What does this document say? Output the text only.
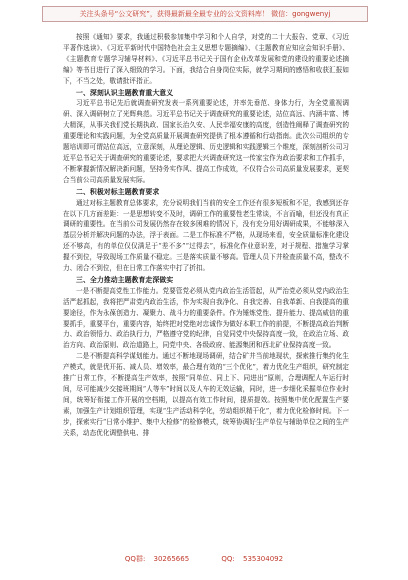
关注头条号“公文研究”，获得最新最全最专业的公文资料库！ 微信：gongwenyj

按照《通知》要求，我通过积极参加集中学习和个人自学，对党的二十大报告、党章、《习近平著作选读》、《习近平新时代中国特色社会主义思想专题摘编》、《主题教育应知应会知识手册》、《主题教育专题学习辅导材料》、《习近平总书记关于国有企业改革发展和党的建设的重要论述摘编》等书目进行了深入细致的学习。下面，我结合自身岗位实际，就学习期间的感悟和收获汇报如下，不当之处，敬请批评指正。

一、深刻认识主题教育重大意义

习近平总书记先后就调查研究发表一系列重要论述，并率先垂范、身体力行，为全党重视调研、深入调研树立了光辉典范。习近平总书记关于调查研究的重要论述，站位高远、内涵丰富、博大精深，从事关我们党长期执政、国家长治久安、人民幸福安康的高度，创造性阐释了调查研究的重要理论和实践问题，为全党高质量开展调查研究提供了根本遵循和行动指南。此次公司组织的专题培训即可谓站位高远，立意深刻，从理论逻辑、历史逻辑和实践逻辑三个维度，深刻剖析公司习近平总书记关于调查研究的重要论述，要求把大兴调查研究这一传家宝作为政治要求和工作抓手，不断掌握新情况解决新问题，坚持务实作风、提高工作成效，不仅符合公司高质量发展要求，更契合当前公司高质量发展实际。

二、积极对标主题教育要求

通过对标主题教育总体要求，充分说明我们当前的安全工作还有很多短板和不足，我感到还存在以下几方面差距：一是思想转变不及时，调研工作的重要性老生常谈，不言而喻，但还没有真正调研的重要性。在当前公司发展仍然存在较多困难的情况下，没有充分用好调研成果，不能够深入基层分析并解决问题的办法，浮于表面。二是工作标准不严格，从现场来看，安全质量标准化建设还不够高，有的单位仅仅满足于“差不多”“过得去”，标准化作业意识差，对于规程、措施学习掌握不到位，导致现场工作质量不稳定。三是落实质量不够高。管理人员下井检查质量不高，整改不力、闭合不到位，但在日常工作落实中打了折扣。

三、全力推动主题教育走深做实

一是不断提高党性工作能力。党要管党必须从党内政治生活管起，从严治党必须从党内政治生活严起抓起，我将把严肃党内政治生活，作为实现自我净化、自我完善、自我革新、自我提高的重要途径，作为永葆创造力、凝聚力、战斗力的重要条件。作为锤炼党性、提升能力、提高威信的重要抓手，重要平台，重要内容，始终把对党绝对忠诚作为做好本职工作的前提，不断提高政治判断力、政治领悟力、政治执行力，严格遵守党的纪律，自觉同党中央保持高度一致，在政治立场、政治方向、政治原则、政治道路上，同党中央、各级政府、能源集团和西北矿业保持高度一致。

二是不断提高科学谋划能力。通过不断地现场调研，结合矿井当前地现状，探索推行集约化生产模式，就是优开拓、减人员、增效率，最合理有效的“三个优化”，着力优化生产组织，研究制定推广日常工作，不断提高生产效率，按照“同单位、同上下、同进出”原则，合理调配人车运行时间，尽可能减少交接班期间“人等车”时间以及人车的无效运输，同时，进一步细化采掘单位作业时间，统筹好衔接工作开展的空档期，以提高有效工作时间，提质提效。按照集中优化配置生产要素，加强生产计划组织管理，实现“生产活动科学化，劳动组织精干化”，着力优化检修时间。下一步，探索实行“日常小维护、集中大检修”的检修模式，统筹协调好生产单位与辅助单位之间的生产关系，动态优化调整供电、排

QQ群: 30265665	QQ: 535304092
